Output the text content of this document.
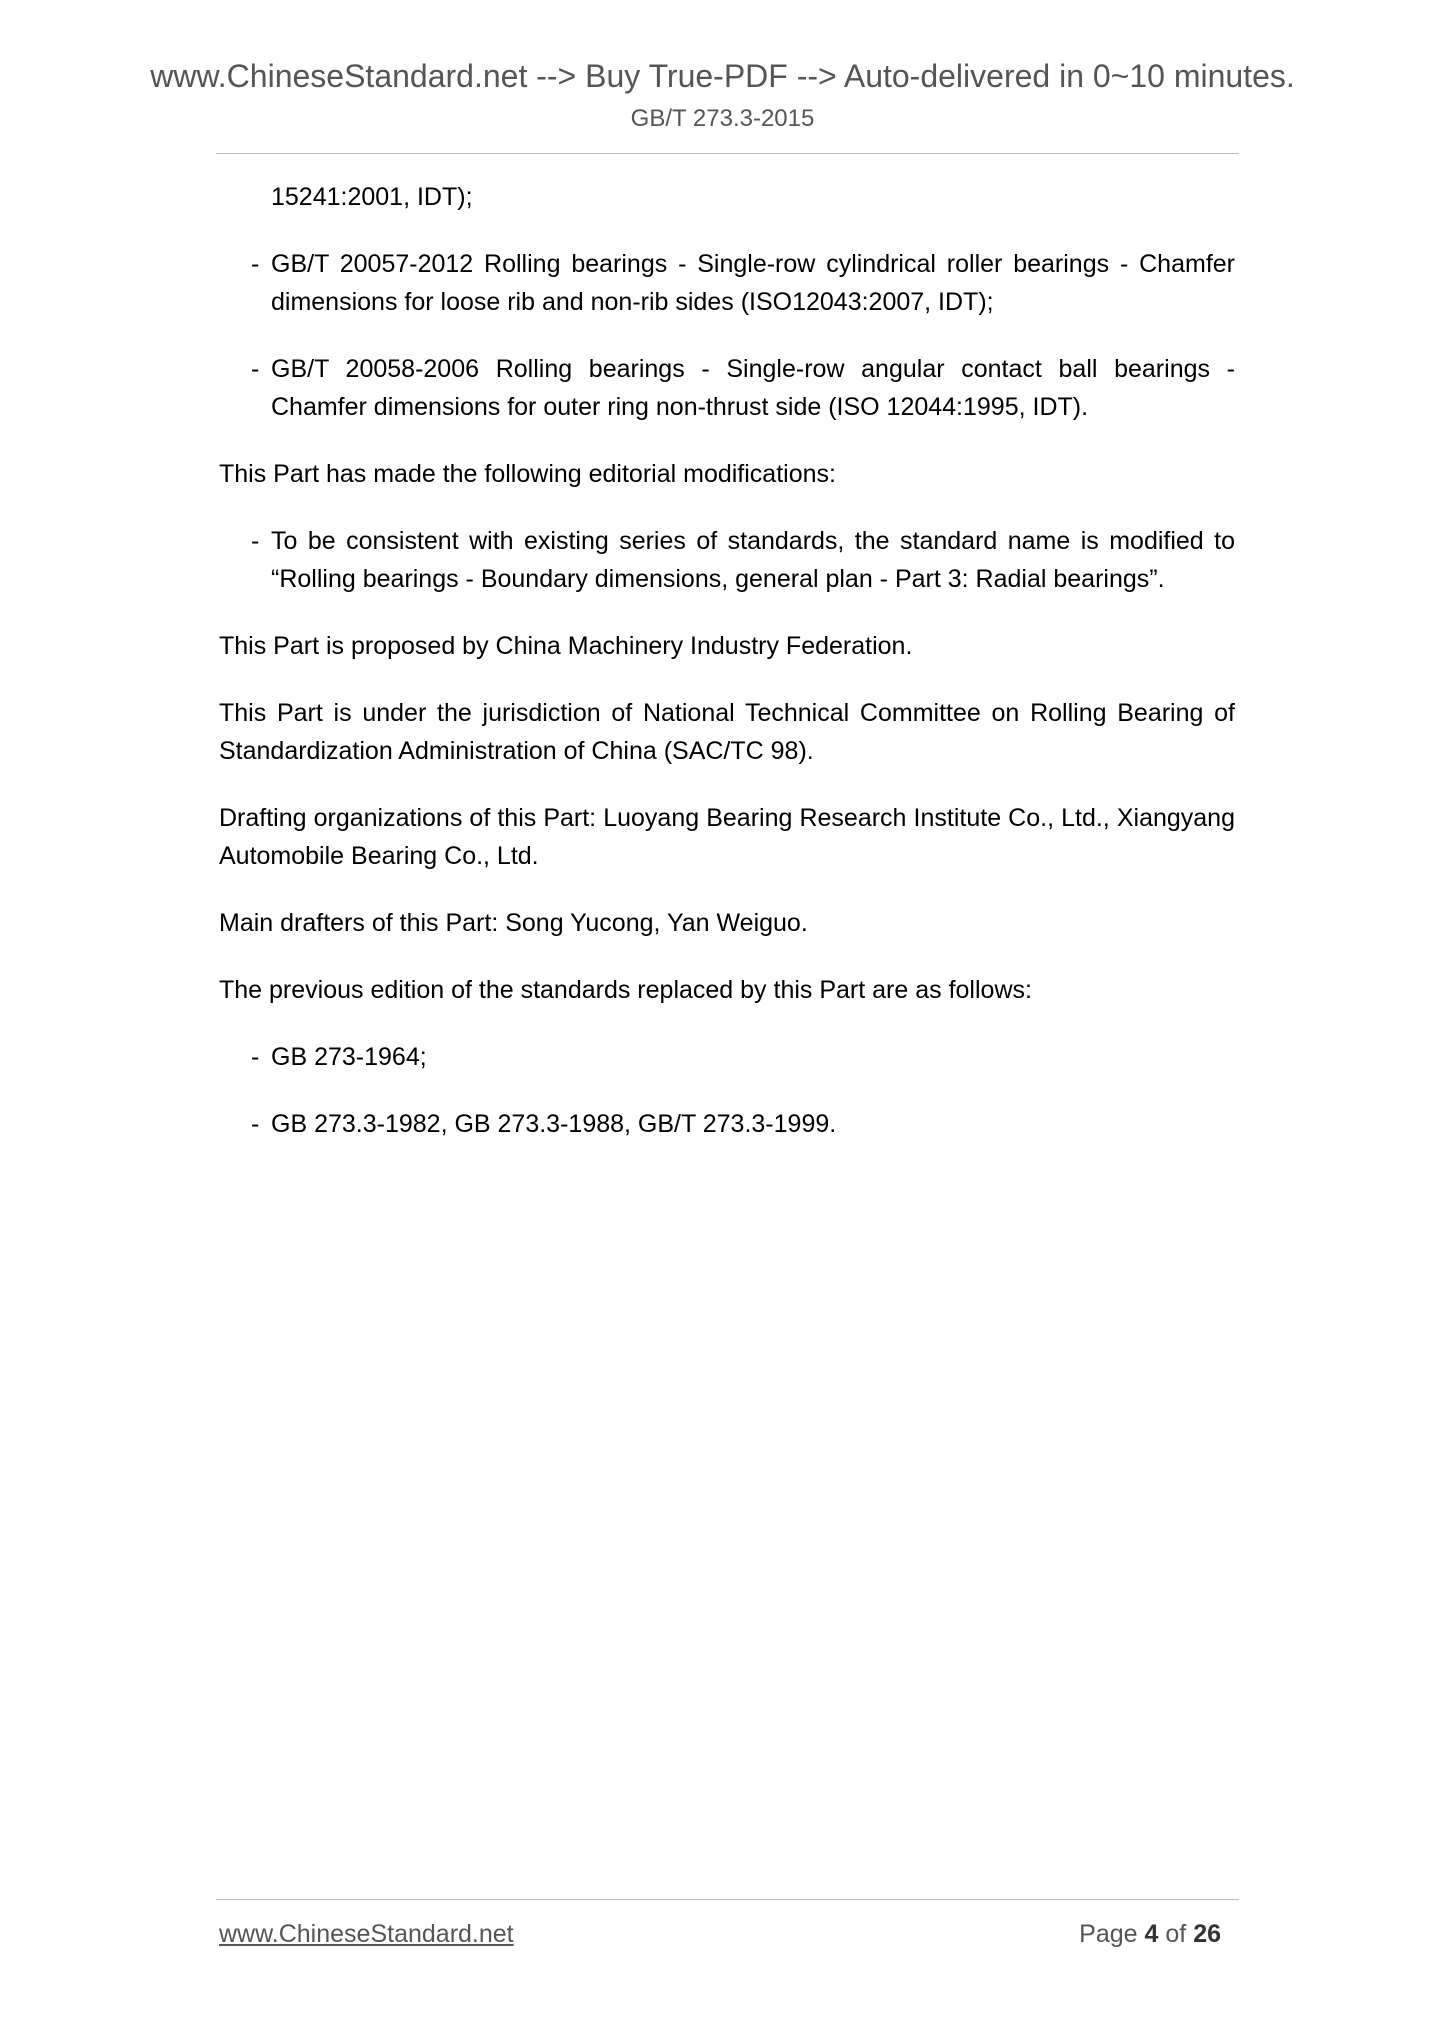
www.ChineseStandard.net --> Buy True-PDF --> Auto-delivered in 0~10 minutes.
GB/T 273.3-2015

15241:2001, IDT);

- GB/T 20057-2012 Rolling bearings - Single-row cylindrical roller bearings - Chamfer dimensions for loose rib and non-rib sides (ISO12043:2007, IDT);
- GB/T 20058-2006 Rolling bearings - Single-row angular contact ball bearings - Chamfer dimensions for outer ring non-thrust side (ISO 12044:1995, IDT).

This Part has made the following editorial modifications:

- To be consistent with existing series of standards, the standard name is modified to “Rolling bearings - Boundary dimensions, general plan - Part 3: Radial bearings”.

This Part is proposed by China Machinery Industry Federation.

This Part is under the jurisdiction of National Technical Committee on Rolling Bearing of Standardization Administration of China (SAC/TC 98).

Drafting organizations of this Part: Luoyang Bearing Research Institute Co., Ltd., Xiangyang Automobile Bearing Co., Ltd.

Main drafters of this Part: Song Yucong, Yan Weiguo.

The previous edition of the standards replaced by this Part are as follows:

- GB 273-1964;
- GB 273.3-1982, GB 273.3-1988, GB/T 273.3-1999.
www.ChineseStandard.net	Page 4 of 26
